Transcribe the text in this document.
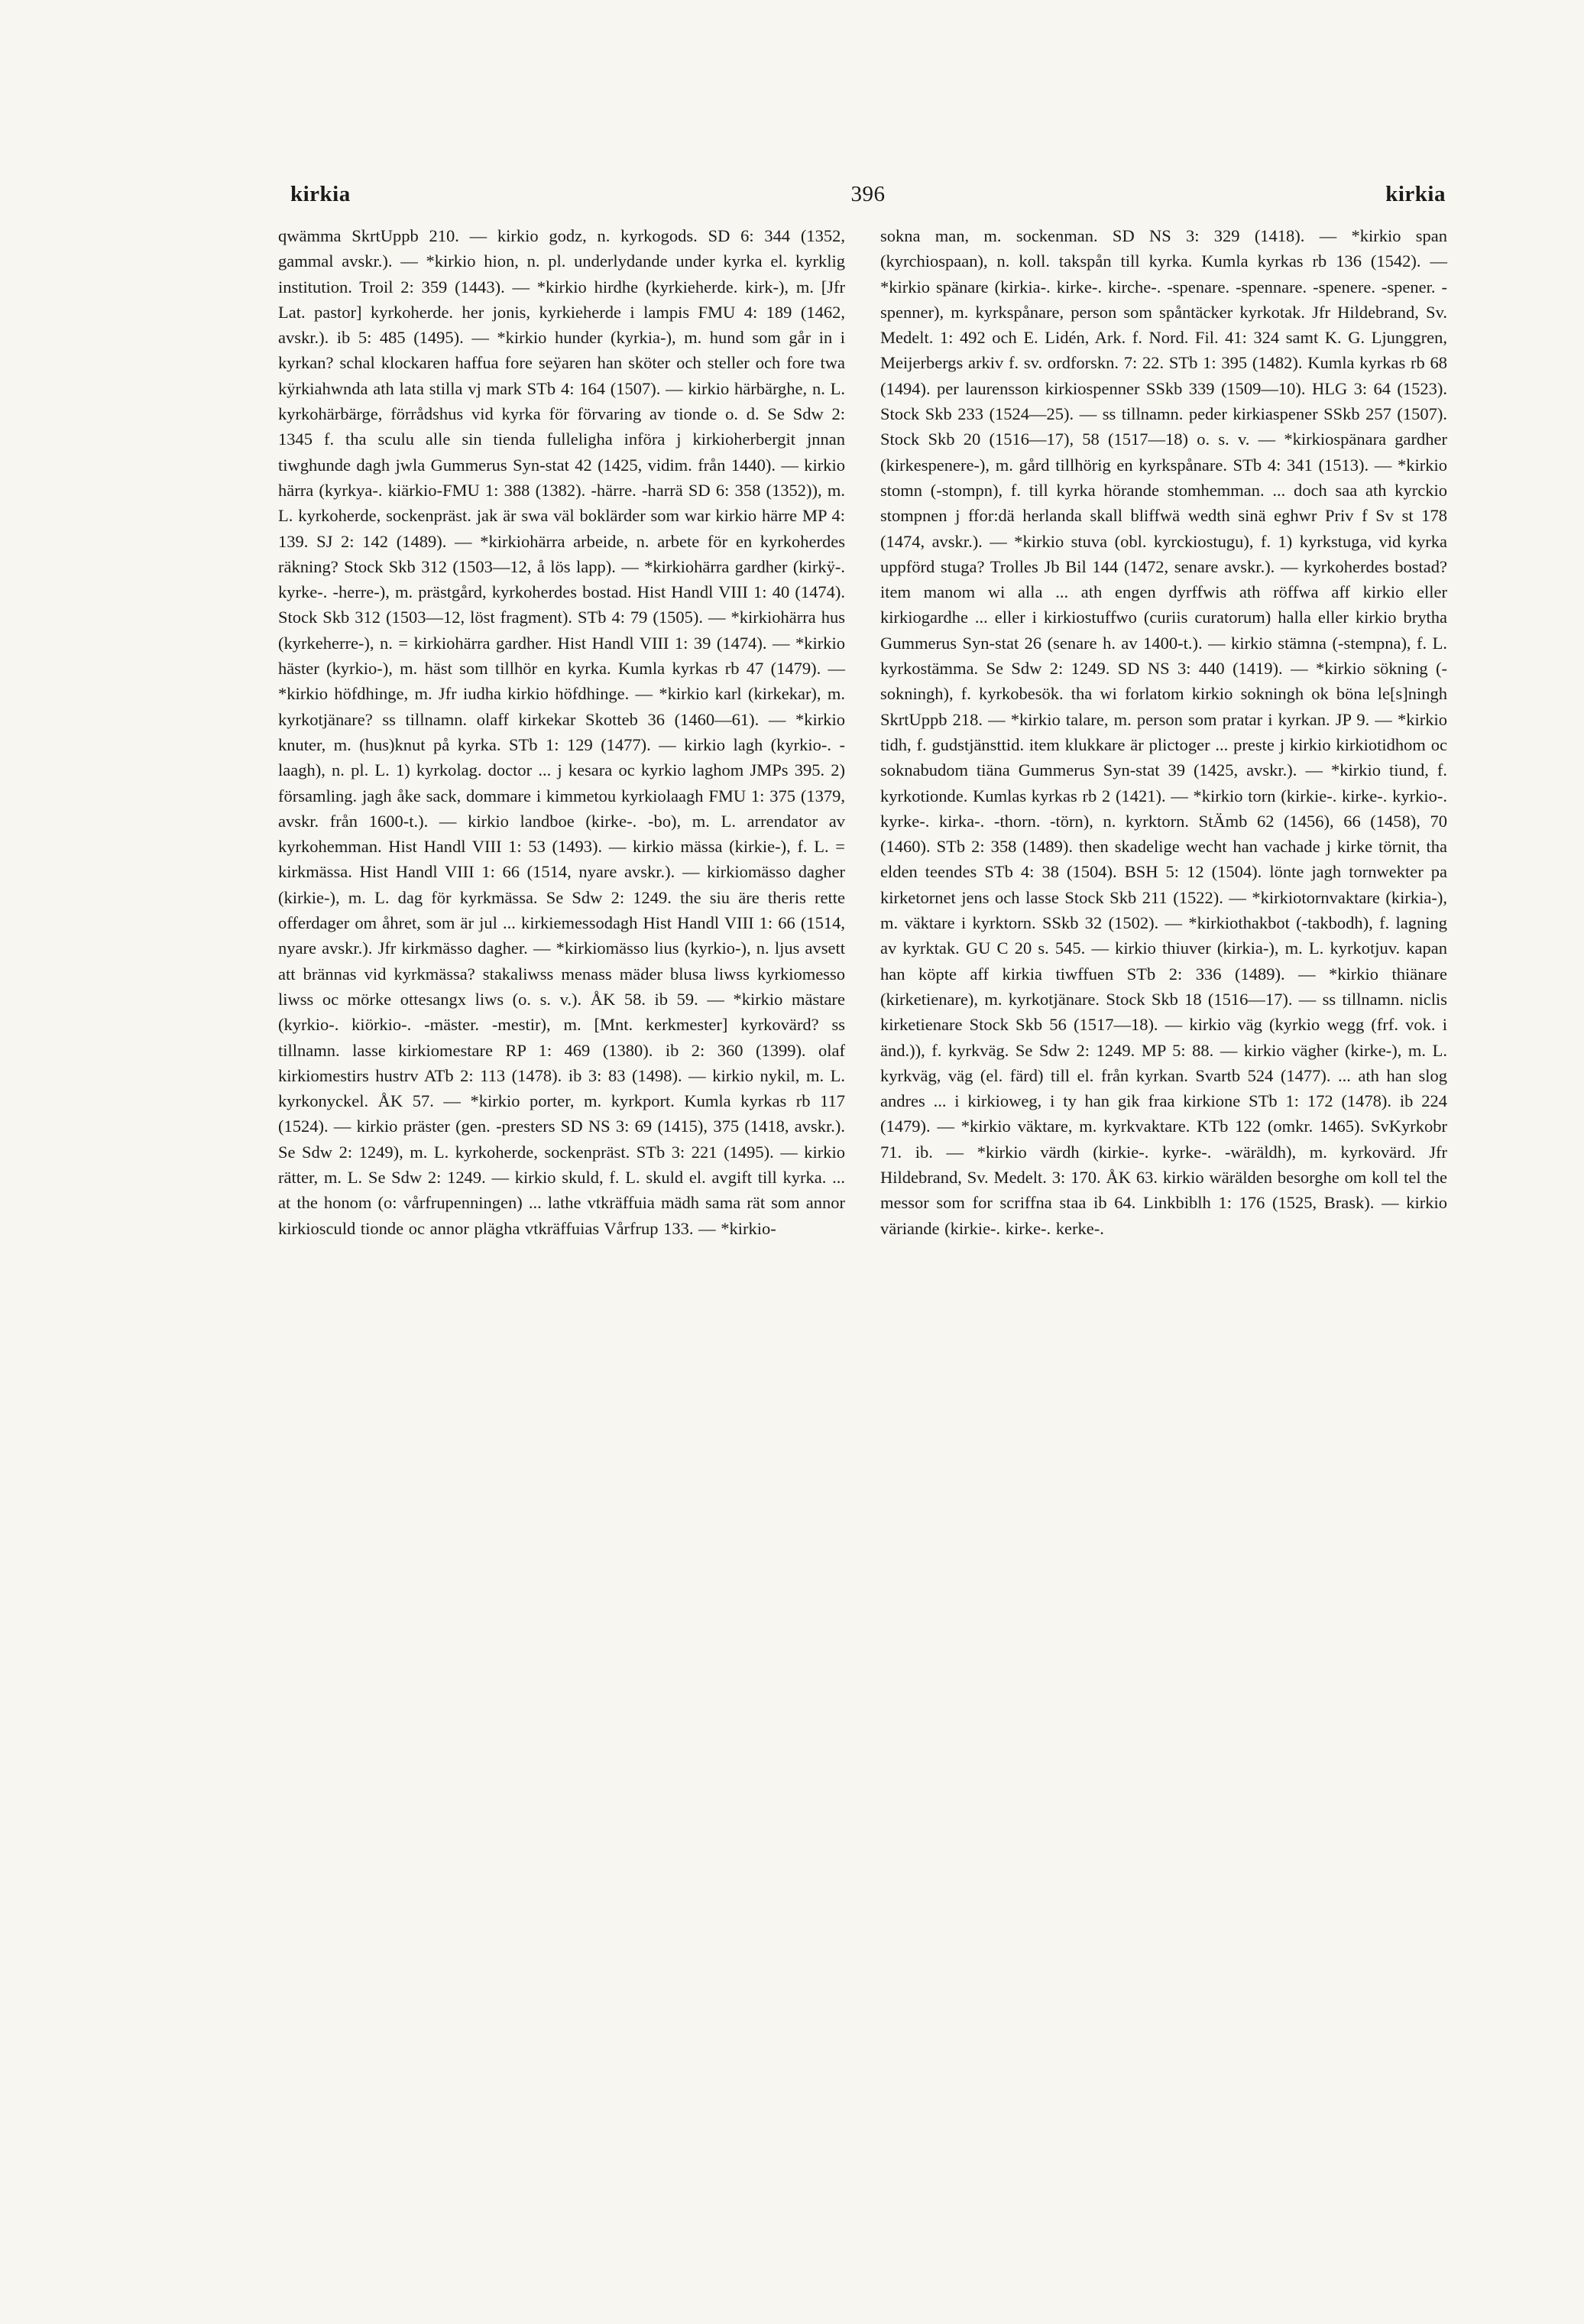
kirkia	396	kirkia

qwämma SkrtUppb 210. — kirkio godz, n. kyrkogods. SD 6: 344 (1352, gammal avskr.). — *kirkio hion, n. pl. underlydande under kyrka el. kyrklig institution. Troil 2: 359 (1443). — *kirkio hirdhe (kyrkieherde. kirk-), m. [Jfr Lat. pastor] kyrkoherde. her jonis, kyrkieherde i lampis FMU 4: 189 (1462, avskr.). ib 5: 485 (1495). — *kirkio hunder (kyrkia-), m. hund som går in i kyrkan? schal klockaren haffua fore seÿaren han sköter och steller och fore twa kÿrkiahwnda ath lata stilla vj mark STb 4: 164 (1507). — kirkio härbärghe, n. L. kyrkohärbärge, förrådshus vid kyrka för förvaring av tionde o. d. Se Sdw 2: 1345 f. tha sculu alle sin tienda fulleligha införa j kirkioherbergit jnnan tiwghunde dagh jwla Gummerus Syn-stat 42 (1425, vidim. från 1440). — kirkio härra (kyrkya-. kiärkio-FMU 1: 388 (1382). -härre. -harrä SD 6: 358 (1352)), m. L. kyrkoherde, sockenpräst. jak är swa väl boklärder som war kirkio härre MP 4: 139. SJ 2: 142 (1489). — *kirkiohärra arbeide, n. arbete för en kyrkoherdes räkning? Stock Skb 312 (1503—12, å lös lapp). — *kirkiohärra gardher (kirkÿ-. kyrke-. -herre-), m. prästgård, kyrkoherdes bostad. Hist Handl VIII 1: 40 (1474). Stock Skb 312 (1503—12, löst fragment). STb 4: 79 (1505). — *kirkiohärra hus (kyrkeherre-), n. = kirkiohärra gardher. Hist Handl VIII 1: 39 (1474). — *kirkio häster (kyrkio-), m. häst som tillhör en kyrka. Kumla kyrkas rb 47 (1479). — *kirkio höfdhinge, m. Jfr iudha kirkio höfdhinge. — *kirkio karl (kirkekar), m. kyrkotjänare? ss tillnamn. olaff kirkekar Skotteb 36 (1460—61). — *kirkio knuter, m. (hus)knut på kyrka. STb 1: 129 (1477). — kirkio lagh (kyrkio-. -laagh), n. pl. L. 1) kyrkolag. doctor ... j kesara oc kyrkio laghom JMPs 395. 2) församling. jagh åke sack, dommare i kimmetou kyrkiolaagh FMU 1: 375 (1379, avskr. från 1600-t.). — kirkio landboe (kirke-. -bo), m. L. arrendator av kyrkohemman. Hist Handl VIII 1: 53 (1493). — kirkio mässa (kirkie-), f. L. = kirkmässa. Hist Handl VIII 1: 66 (1514, nyare avskr.). — kirkiomässo dagher (kirkie-), m. L. dag för kyrkmässa. Se Sdw 2: 1249. the siu äre theris rette offerdager om åhret, som är jul ... kirkiemessodagh Hist Handl VIII 1: 66 (1514, nyare avskr.). Jfr kirkmässo dagher. — *kirkiomässo lius (kyrkio-), n. ljus avsett att brännas vid kyrkmässa? stakaliwss menass mäder blusa liwss kyrkiomesso liwss oc mörke ottesangx liws (o. s. v.). ÅK 58. ib 59. — *kirkio mästare (kyrkio-. kiörkio-. -mäster. -mestir), m. [Mnt. kerkmester] kyrkovärd? ss tillnamn. lasse kirkiomestare RP 1: 469 (1380). ib 2: 360 (1399). olaf kirkiomestirs hustrv ATb 2: 113 (1478). ib 3: 83 (1498). — kirkio nykil, m. L. kyrkonyckel. ÅK 57. — *kirkio porter, m. kyrkport. Kumla kyrkas rb 117 (1524). — kirkio präster (gen. -presters SD NS 3: 69 (1415), 375 (1418, avskr.). Se Sdw 2: 1249), m. L. kyrkoherde, sockenpräst. STb 3: 221 (1495). — kirkio rätter, m. L. Se Sdw 2: 1249. — kirkio skuld, f. L. skuld el. avgift till kyrka. ... at the honom (o: vårfrupenningen) ... lathe vtkräffuia mädh sama rät som annor kirkiosculd tionde oc annor plägha vtkräffuias Vårfrup 133. — *kirkio-

sokna man, m. sockenman. SD NS 3: 329 (1418). — *kirkio span (kyrchiospaan), n. koll. takspån till kyrka. Kumla kyrkas rb 136 (1542). — *kirkio spänare (kirkia-. kirke-. kirche-. -spenare. -spennare. -spenere. -spener. -spenner), m. kyrkspånare, person som spåntäcker kyrkotak. Jfr Hildebrand, Sv. Medelt. 1: 492 och E. Lidén, Ark. f. Nord. Fil. 41: 324 samt K. G. Ljunggren, Meijerbergs arkiv f. sv. ordforskn. 7: 22. STb 1: 395 (1482). Kumla kyrkas rb 68 (1494). per laurensson kirkiospenner SSkb 339 (1509—10). HLG 3: 64 (1523). Stock Skb 233 (1524—25). — ss tillnamn. peder kirkiaspener SSkb 257 (1507). Stock Skb 20 (1516—17), 58 (1517—18) o. s. v. — *kirkiospänara gardher (kirkespenere-), m. gård tillhörig en kyrkspånare. STb 4: 341 (1513). — *kirkio stomn (-stompn), f. till kyrka hörande stomhemman. ... doch saa ath kyrckio stompnen j ffor:dä herlanda skall bliffwä wedth sinä eghwr Priv f Sv st 178 (1474, avskr.). — *kirkio stuva (obl. kyrckiostugu), f. 1) kyrkstuga, vid kyrka uppförd stuga? Trolles Jb Bil 144 (1472, senare avskr.). — kyrkoherdes bostad? item manom wi alla ... ath engen dyrffwis ath röffwa aff kirkio eller kirkiogardhe ... eller i kirkiostuffwo (curiis curatorum) halla eller kirkio brytha Gummerus Syn-stat 26 (senare h. av 1400-t.). — kirkio stämna (-stempna), f. L. kyrkostämma. Se Sdw 2: 1249. SD NS 3: 440 (1419). — *kirkio sökning (-sokningh), f. kyrkobesök. tha wi forlatom kirkio sokningh ok böna le[s]ningh SkrtUppb 218. — *kirkio talare, m. person som pratar i kyrkan. JP 9. — *kirkio tidh, f. gudstjänsttid. item klukkare är plictoger ... preste j kirkio kirkiotidhom oc soknabudom tiäna Gummerus Syn-stat 39 (1425, avskr.). — *kirkio tiund, f. kyrkotionde. Kumlas kyrkas rb 2 (1421). — *kirkio torn (kirkie-. kirke-. kyrkio-. kyrke-. kirka-. -thorn. -törn), n. kyrktorn. StÄmb 62 (1456), 66 (1458), 70 (1460). STb 2: 358 (1489). then skadelige wecht han vachade j kirke törnit, tha elden teendes STb 4: 38 (1504). BSH 5: 12 (1504). lönte jagh tornwekter pa kirketornet jens och lasse Stock Skb 211 (1522). — *kirkiotornvaktare (kirkia-), m. väktare i kyrktorn. SSkb 32 (1502). — *kirkiothakbot (-takbodh), f. lagning av kyrktak. GU C 20 s. 545. — kirkio thiuver (kirkia-), m. L. kyrkotjuv. kapan han köpte aff kirkia tiwffuen STb 2: 336 (1489). — *kirkio thiänare (kirketienare), m. kyrkotjänare. Stock Skb 18 (1516—17). — ss tillnamn. niclis kirketienare Stock Skb 56 (1517—18). — kirkio väg (kyrkio wegg (frf. vok. i änd.)), f. kyrkväg. Se Sdw 2: 1249. MP 5: 88. — kirkio vägher (kirke-), m. L. kyrkväg, väg (el. färd) till el. från kyrkan. Svartb 524 (1477). ... ath han slog andres ... i kirkioweg, i ty han gik fraa kirkione STb 1: 172 (1478). ib 224 (1479). — *kirkio väktare, m. kyrkvaktare. KTb 122 (omkr. 1465). SvKyrkobr 71. ib. — *kirkio värdh (kirkie-. kyrke-. -wäräldh), m. kyrkovärd. Jfr Hildebrand, Sv. Medelt. 3: 170. ÅK 63. kirkio wärälden besorghe om koll tel the messor som for scriffna staa ib 64. Linkbiblh 1: 176 (1525, Brask). — kirkio väriande (kirkie-. kirke-. kerke-.
